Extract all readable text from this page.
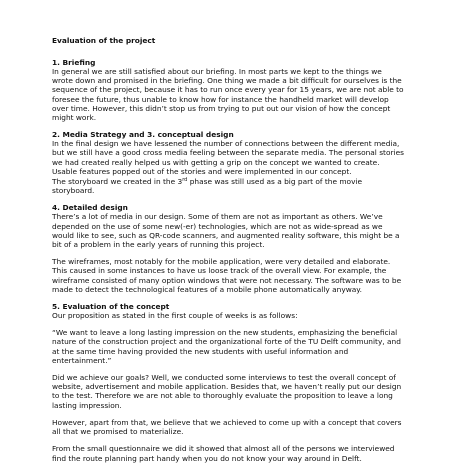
Evaluation of the project

1. Briefing

In general we are still satisfied about our briefing. In most parts we kept to the things we wrote down and promised in the briefing. One thing we made a bit difficult for ourselves is the sequence of the project, because it has to run once every year for 15 years, we are not able to foresee the future, thus unable to know how for instance the handheld market will develop over time. However, this didn’t stop us from trying to put out our vision of how the concept might work.

2. Media Strategy and 3. conceptual design

In the final design we have lessened the number of connections between the different media, but we still have a good cross media feeling between the separate media. The personal stories we had created really helped us with getting a grip on the concept we wanted to create. Usable features popped out of the stories and were implemented in our concept.

The storyboard we created in the 3rd phase was still used as a big part of the movie storyboard.

4. Detailed design

There’s a lot of media in our design. Some of them are not as important as others. We’ve depended on the use of some new(-er) technologies, which are not as wide-spread as we would like to see, such as QR-code scanners, and augmented reality software, this might be a bit of a problem in the early years of running this project.

The wireframes, most notably for the mobile application, were very detailed and elaborate. This caused in some instances to have us loose track of the overall view. For example, the wireframe consisted of many option windows that were not necessary. The software was to be made to detect the technological features of a mobile phone automatically anyway.

5. Evaluation of the concept

Our proposition as stated in the first couple of weeks is as follows:

“We want to leave a long lasting impression on the new students, emphasizing the beneficial nature of the construction project and the organizational forte of the TU Delft community, and at the same time having provided the new students with useful information and entertainment.”

Did we achieve our goals? Well, we conducted some interviews to test the overall concept of website, advertisement and mobile application. Besides that, we haven’t really put our design to the test. Therefore we are not able to thoroughly evaluate the proposition to leave a long lasting impression.

However, apart from that, we believe that we achieved to come up with a concept that covers all that we promised to materialize.

From the small questionnaire we did it showed that almost all of the persons we interviewed find the route planning part handy when you do not know your way around in Delft.
